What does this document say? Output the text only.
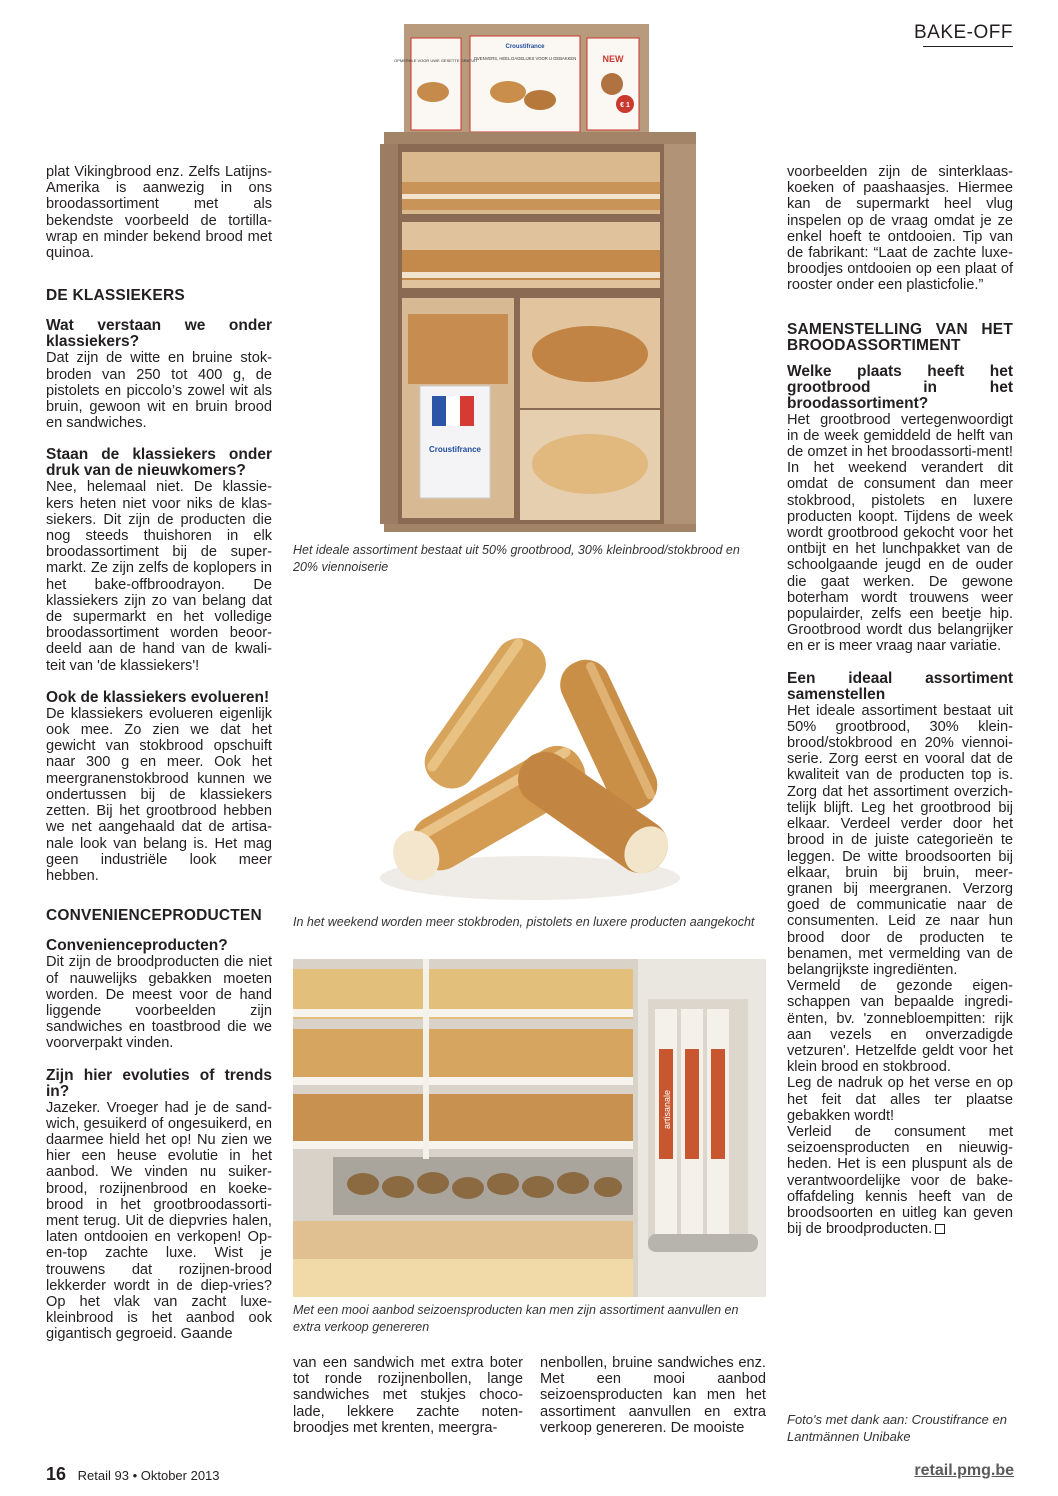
BAKE-OFF

plat Vikingbrood enz. Zelfs Latijns-Amerika is aanwezig in ons broodassortiment met als bekendste voorbeeld de tortilla-wrap en minder bekend brood met quinoa.

DE KLASSIEKERS
Wat verstaan we onder klassiekers?

Dat zijn de witte en bruine stok-broden van 250 tot 400 g, de pistolets en piccolo’s zowel wit als bruin, gewoon wit en bruin brood en sandwiches.

Staan de klassiekers onder druk van de nieuwkomers?

Nee, helemaal niet. De klassie-kers heten niet voor niks de klas-siekers. Dit zijn de producten die nog steeds thuishoren in elk broodassortiment bij de super-markt. Ze zijn zelfs de koplopers in het bake-offbroodrayon. De klassiekers zijn zo van belang dat de supermarkt en het volledige broodassortiment worden beoor-deeld aan de hand van de kwali-teit van 'de klassiekers'!

Ook de klassiekers evolueren!

De klassiekers evolueren eigenlijk ook mee. Zo zien we dat het gewicht van stokbrood opschuift naar 300 g en meer. Ook het meergranenstokbrood kunnen we ondertussen bij de klassiekers zetten. Bij het grootbrood hebben we net aangehaald dat de artisa-nale look van belang is. Het mag geen industriële look meer hebben.

CONVENIENCEPRODUCTEN
Convenienceproducten?

Dit zijn de broodproducten die niet of nauwelijks gebakken moeten worden. De meest voor de hand liggende voorbeelden zijn sandwiches en toastbrood die we voorverpakt vinden.

Zijn hier evoluties of trends in?

Jazeker. Vroeger had je de sand-wich, gesuikerd of ongesuikerd, en daarmee hield het op! Nu zien we hier een heuse evolutie in het aanbod. We vinden nu suiker-brood, rozijnenbrood en koeke-brood in het grootbroodassorti-ment terug. Uit de diepvries halen, laten ontdooien en verkopen! Op-en-top zachte luxe. Wist je trouwens dat rozijnen-brood lekkerder wordt in de diep-vries? Op het vlak van zacht luxe-kleinbrood is het aanbod ook gigantisch gegroeid. Gaande

OPMERKLE VOOR UWE GESETTE GRATUIT
Croustifrance
OVENVERS, HEEL DAGELIJKS VOOR U GEBAKKEN	NEW
€ 1
Croustifrance
Het ideale assortiment bestaat uit 50% grootbrood, 30% kleinbrood/stokbrood en 20% viennoiserie
In het weekend worden meer stokbroden, pistolets en luxere producten aangekocht
artisanale
Met een mooi aanbod seizoensproducten kan men zijn assortiment aanvullen en extra verkoop genereren
van een sandwich met extra boter tot ronde rozijnenbollen, lange sandwiches met stukjes choco-lade, lekkere zachte noten-broodjes met krenten, meergra-
nenbollen, bruine sandwiches enz. Met een mooi aanbod seizoensproducten kan men het assortiment aanvullen en extra verkoop genereren. De mooiste

voorbeelden zijn de sinterklaas-koeken of paashaasjes. Hiermee kan de supermarkt heel vlug inspelen op de vraag omdat je ze enkel hoeft te ontdooien. Tip van de fabrikant: “Laat de zachte luxe-broodjes ontdooien op een plaat of rooster onder een plasticfolie.”

SAMENSTELLING VAN HET BROODASSORTIMENT
Welke plaats heeft het grootbrood in het broodassortiment?

Het grootbrood vertegenwoordigt in de week gemiddeld de helft van de omzet in het broodassorti-ment! In het weekend verandert dit omdat de consument dan meer stokbrood, pistolets en luxere producten koopt. Tijdens de week wordt grootbrood gekocht voor het ontbijt en het lunchpakket van de schoolgaande jeugd en de ouder die gaat werken. De gewone boterham wordt trouwens weer populairder, zelfs een beetje hip. Grootbrood wordt dus belangrijker en er is meer vraag naar variatie.

Een ideaal assortiment samenstellen

Het ideale assortiment bestaat uit 50% grootbrood, 30% klein-brood/stokbrood en 20% viennoi-serie. Zorg eerst en vooral dat de kwaliteit van de producten top is. Zorg dat het assortiment overzich-telijk blijft. Leg het grootbrood bij elkaar. Verdeel verder door het brood in de juiste categorieën te leggen. De witte broodsoorten bij elkaar, bruin bij bruin, meer-granen bij meergranen. Verzorg goed de communicatie naar de consumenten. Leid ze naar hun brood door de producten te benamen, met vermelding van de belangrijkste ingrediënten.

Vermeld de gezonde eigen-schappen van bepaalde ingredi-ënten, bv. 'zonnebloempitten: rijk aan vezels en onverzadigde vetzuren'. Hetzelfde geldt voor het klein brood en stokbrood.

Leg de nadruk op het verse en op het feit dat alles ter plaatse gebakken wordt!

Verleid de consument met seizoensproducten en nieuwig-heden. Het is een pluspunt als de verantwoordelijke voor de bake-offafdeling kennis heeft van de broodsoorten en uitleg kan geven bij de broodproducten.

Foto's met dank aan: Croustifrance en Lantmännen Unibake
16 Retail 93 • Oktober 2013	retail.pmg.be
